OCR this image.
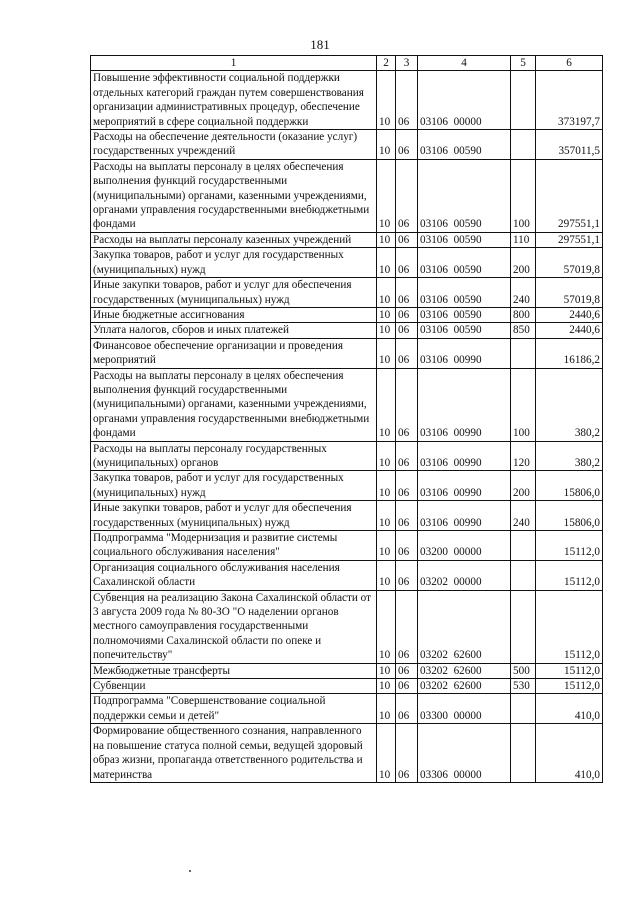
181
1	2	3	4	5	6
Повышение эффективности социальной поддержки отдельных категорий граждан путем совершенствования организации административных процедур, обеспечение мероприятий в сфере социальной поддержки	10	06	03106  00000		373197,7
Расходы на обеспечение деятельности (оказание услуг) государственных учреждений	10	06	03106  00590		357011,5
Расходы на выплаты персоналу в целях обеспечения выполнения функций государственными (муниципальными) органами, казенными учреждениями, органами управления государственными внебюджетными фондами	10	06	03106  00590	100	297551,1
Расходы на выплаты персоналу казенных учреждений	10	06	03106  00590	110	297551,1
Закупка товаров, работ и услуг для государственных (муниципальных) нужд	10	06	03106  00590	200	57019,8
Иные закупки товаров, работ и услуг для обеспечения государственных (муниципальных) нужд	10	06	03106  00590	240	57019,8
Иные бюджетные ассигнования	10	06	03106  00590	800	2440,6
Уплата налогов, сборов и иных платежей	10	06	03106  00590	850	2440,6
Финансовое обеспечение организации и проведения мероприятий	10	06	03106  00990		16186,2
Расходы на выплаты персоналу в целях обеспечения выполнения функций государственными (муниципальными) органами, казенными учреждениями, органами управления государственными внебюджетными фондами	10	06	03106  00990	100	380,2
Расходы на выплаты персоналу государственных (муниципальных) органов	10	06	03106  00990	120	380,2
Закупка товаров, работ и услуг для государственных (муниципальных) нужд	10	06	03106  00990	200	15806,0
Иные закупки товаров, работ и услуг для обеспечения государственных (муниципальных) нужд	10	06	03106  00990	240	15806,0
Подпрограмма "Модернизация и развитие системы социального обслуживания населения"	10	06	03200  00000		15112,0
Организация социального обслуживания населения Сахалинской области	10	06	03202  00000		15112,0
Субвенция на реализацию Закона Сахалинской области от 3 августа 2009 года № 80-ЗО "О наделении органов местного самоуправления государственными полномочиями Сахалинской области по опеке и попечительству"	10	06	03202  62600		15112,0
Межбюджетные трансферты	10	06	03202  62600	500	15112,0
Субвенции	10	06	03202  62600	530	15112,0
Подпрограмма "Совершенствование социальной поддержки семьи и детей"	10	06	03300  00000		410,0
Формирование общественного сознания, направленного на повышение статуса полной семьи, ведущей здоровый образ жизни, пропаганда ответственного родительства и материнства	10	06	03306  00000		410,0
